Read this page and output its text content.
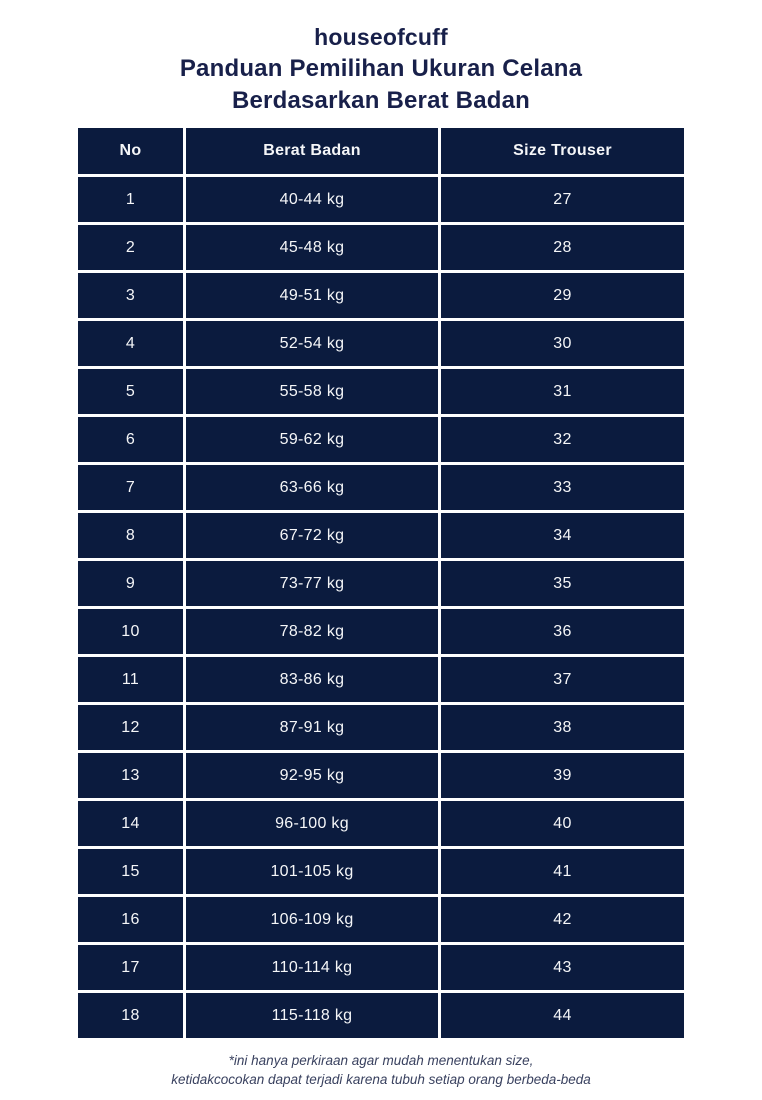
houseofcuff
Panduan Pemilihan Ukuran Celana
Berdasarkan Berat Badan
No	Berat Badan	Size Trouser
1	40-44 kg	27
2	45-48 kg	28
3	49-51 kg	29
4	52-54 kg	30
5	55-58 kg	31
6	59-62 kg	32
7	63-66 kg	33
8	67-72 kg	34
9	73-77 kg	35
10	78-82 kg	36
11	83-86 kg	37
12	87-91 kg	38
13	92-95 kg	39
14	96-100 kg	40
15	101-105 kg	41
16	106-109 kg	42
17	110-114 kg	43
18	115-118 kg	44
*ini hanya perkiraan agar mudah menentukan size,
ketidakcocokan dapat terjadi karena tubuh setiap orang berbeda-beda
